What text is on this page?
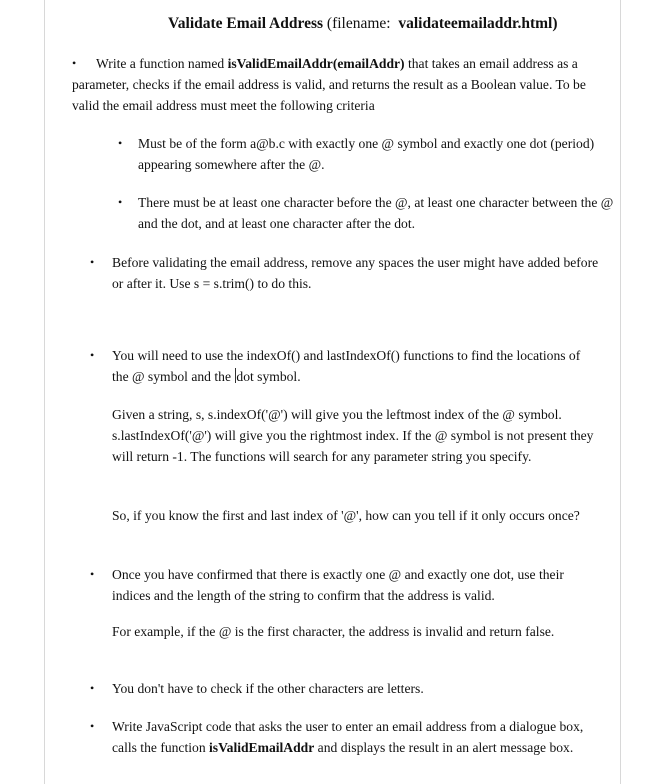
Validate Email Address (filename: validateemailaddr.html)
•	Write a function named isValidEmailAddr(emailAddr) that takes an email address as a parameter, checks if the email address is valid, and returns the result as a Boolean value. To be valid the email address must meet the following criteria
• Must be of the form a@b.c with exactly one @ symbol and exactly one dot (period) appearing somewhere after the @.
• There must be at least one character before the @, at least one character between the @ and the dot, and at least one character after the dot.
• Before validating the email address, remove any spaces the user might have added before or after it. Use s = s.trim() to do this.
• You will need to use the indexOf() and lastIndexOf() functions to find the locations of the @ symbol and the dot symbol.
Given a string, s, s.indexOf('@') will give you the leftmost index of the @ symbol. s.lastIndexOf('@') will give you the rightmost index. If the @ symbol is not present they will return -1. The functions will search for any parameter string you specify.
So, if you know the first and last index of '@', how can you tell if it only occurs once?
• Once you have confirmed that there is exactly one @ and exactly one dot, use their indices and the length of the string to confirm that the address is valid.
For example, if the @ is the first character, the address is invalid and return false.
• You don't have to check if the other characters are letters.
• Write JavaScript code that asks the user to enter an email address from a dialogue box, calls the function isValidEmailAddr and displays the result in an alert message box.
